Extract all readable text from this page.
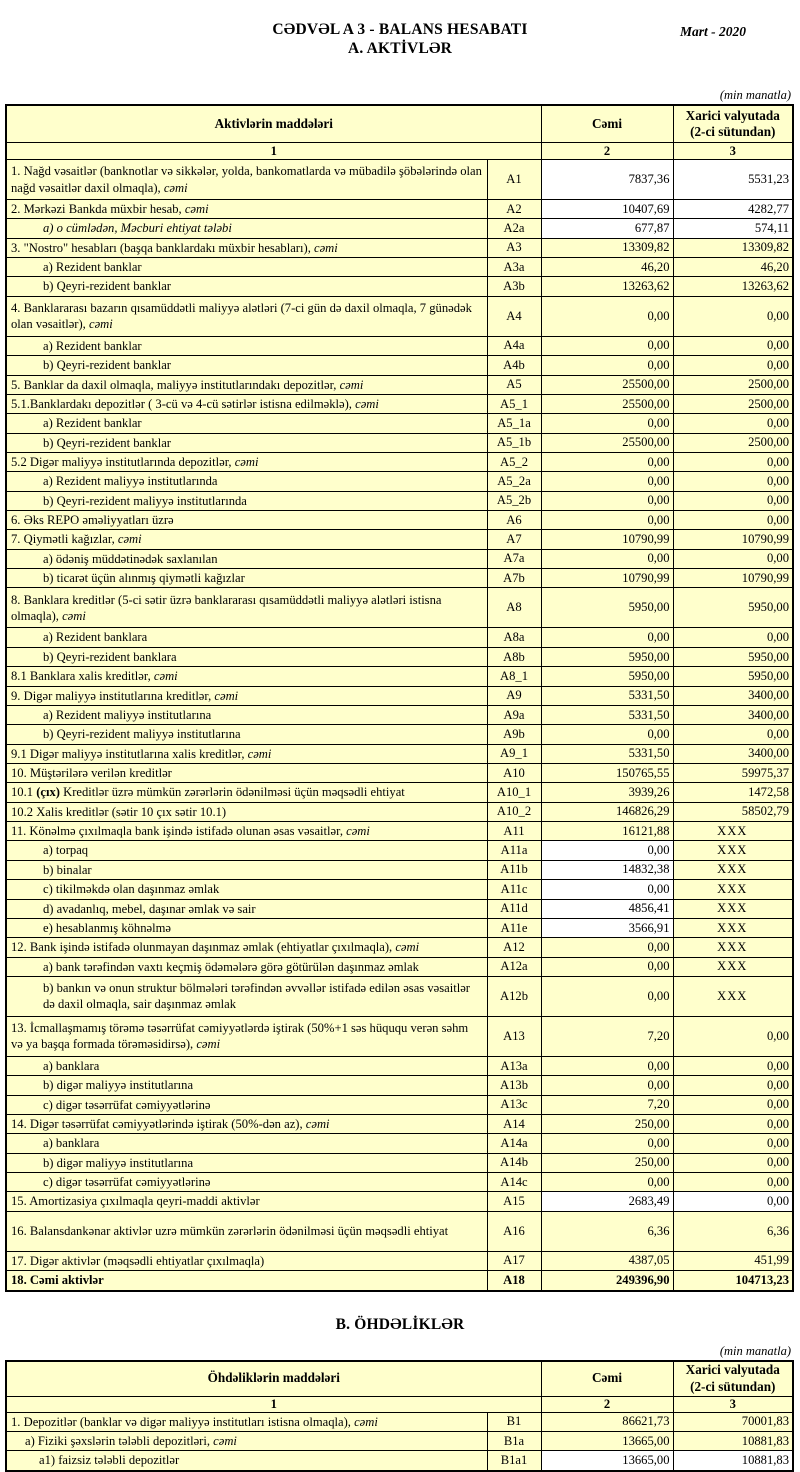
Mart - 2020
CƏDVƏL A 3 - BALANS HESABATI
A. AKTİVLƏR
(min manatla)
Aktivlərin maddələri		Cəmi	Xarici valyutada
(2-ci sütundan)
1		2	3
1. Nağd vəsaitlər (banknotlar və sikkələr, yolda, bankomatlarda və mübadilə şöbələrində olan nağd vəsaitlər daxil olmaqla), cəmi	A1	7837,36	5531,23
2. Mərkəzi Bankda müxbir hesab, cəmi	A2	10407,69	4282,77
a) o cümlədən, Məcburi ehtiyat tələbi	A2a	677,87	574,11
3. "Nostro" hesabları (başqa banklardakı müxbir hesabları), cəmi	A3	13309,82	13309,82
a) Rezident banklar	A3a	46,20	46,20
b) Qeyri-rezident banklar	A3b	13263,62	13263,62
4. Banklararası bazarın qısamüddətli maliyyə alətləri (7-ci gün də daxil olmaqla, 7 günədək olan vəsaitlər), cəmi	A4	0,00	0,00
a) Rezident banklar	A4a	0,00	0,00
b) Qeyri-rezident banklar	A4b	0,00	0,00
5. Banklar da daxil olmaqla, maliyyə institutlarındakı depozitlər, cəmi	A5	25500,00	2500,00
5.1.Banklardakı depozitlər ( 3-cü və 4-cü sətirlər istisna edilməklə), cəmi	A5_1	25500,00	2500,00
a) Rezident banklar	A5_1a	0,00	0,00
b) Qeyri-rezident banklar	A5_1b	25500,00	2500,00
5.2 Digər maliyyə institutlarında depozitlər, cəmi	A5_2	0,00	0,00
a) Rezident maliyyə institutlarında	A5_2a	0,00	0,00
b) Qeyri-rezident maliyyə institutlarında	A5_2b	0,00	0,00
6. Əks REPO əməliyyatları üzrə	A6	0,00	0,00
7. Qiymətli kağızlar, cəmi	A7	10790,99	10790,99
a) ödəniş müddətinədək saxlanılan	A7a	0,00	0,00
b) ticarət üçün alınmış qiymətli kağızlar	A7b	10790,99	10790,99
8. Banklara kreditlər (5-ci sətir üzrə banklararası qısamüddətli maliyyə alətləri istisna olmaqla), cəmi	A8	5950,00	5950,00
a) Rezident banklara	A8a	0,00	0,00
b) Qeyri-rezident banklara	A8b	5950,00	5950,00
8.1 Banklara xalis kreditlər, cəmi	A8_1	5950,00	5950,00
9. Digər maliyyə institutlarına kreditlər, cəmi	A9	5331,50	3400,00
a) Rezident maliyyə institutlarına	A9a	5331,50	3400,00
b) Qeyri-rezident maliyyə institutlarına	A9b	0,00	0,00
9.1 Digər maliyyə institutlarına xalis kreditlər, cəmi	A9_1	5331,50	3400,00
10. Müştərilərə verilən kreditlər	A10	150765,55	59975,37
10.1 (çıx) Kreditlər üzrə mümkün zərərlərin ödənilməsi üçün məqsədli ehtiyat	A10_1	3939,26	1472,58
10.2 Xalis kreditlər (sətir 10 çıx sətir 10.1)	A10_2	146826,29	58502,79
11. Könəlmə çıxılmaqla bank işində istifadə olunan əsas vəsaitlər, cəmi	A11	16121,88	XXX
a) torpaq	A11a	0,00	XXX
b) binalar	A11b	14832,38	XXX
c) tikilməkdə olan daşınmaz əmlak	A11c	0,00	XXX
d) avadanlıq, mebel, daşınar əmlak və sair	A11d	4856,41	XXX
e) hesablanmış köhnəlmə	A11e	3566,91	XXX
12. Bank işində istifadə olunmayan daşınmaz əmlak (ehtiyatlar çıxılmaqla), cəmi	A12	0,00	XXX
a) bank tərəfindən vaxtı keçmiş ödəmələrə görə götürülən daşınmaz əmlak	A12a	0,00	XXX
b) bankın və onun struktur bölmələri tərəfindən əvvəllər istifadə edilən əsas vəsaitlər də daxil olmaqla, sair daşınmaz əmlak	A12b	0,00	XXX
13. İcmallaşmamış törəmə təsərrüfat cəmiyyətlərdə iştirak (50%+1 səs hüququ verən səhm və ya başqa formada törəməsidirsə), cəmi	A13	7,20	0,00
a) banklara	A13a	0,00	0,00
b) digər maliyyə institutlarına	A13b	0,00	0,00
c) digər təsərrüfat cəmiyyətlərinə	A13c	7,20	0,00
14. Digər təsərrüfat cəmiyyətlərində iştirak (50%-dən az), cəmi	A14	250,00	0,00
a) banklara	A14a	0,00	0,00
b) digər maliyyə institutlarına	A14b	250,00	0,00
c) digər təsərrüfat cəmiyyətlərinə	A14c	0,00	0,00
15. Amortizasiya çıxılmaqla qeyri-maddi aktivlər	A15	2683,49	0,00
16. Balansdankənar aktivlər uzrə mümkün zərərlərin ödənilməsi üçün məqsədli ehtiyat	A16	6,36	6,36
17. Digər aktivlər (məqsədli ehtiyatlar çıxılmaqla)	A17	4387,05	451,99
18. Cəmi aktivlər	A18	249396,90	104713,23
B. ÖHDƏLİKLƏR
(min manatla)
Öhdəliklərin maddələri		Cəmi	Xarici valyutada
(2-ci sütundan)
1		2	3
1. Depozitlər (banklar və digər maliyyə institutları istisna olmaqla), cəmi	B1	86621,73	70001,83
a) Fiziki şəxslərin tələbli depozitləri, cəmi	B1a	13665,00	10881,83
a1) faizsiz tələbli depozitlər	B1a1	13665,00	10881,83
